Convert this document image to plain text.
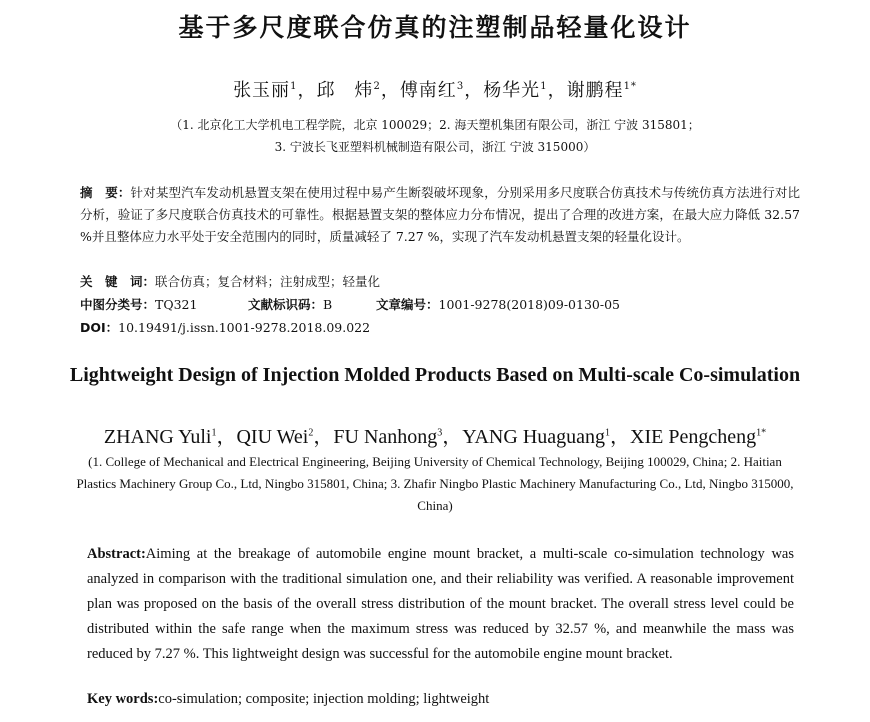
基于多尺度联合仿真的注塑制品轻量化设计
张玉丽$^1$，邱　炜$^2$，傅南红$^3$，杨华光$^1$，谢鹏程$^{1*}$
（1. 北京化工大学机电工程学院，北京 100029；2. 海天塑机集团有限公司，浙江 宁波 315801；
3. 宁波长飞亚塑料机械制造有限公司，浙江 宁波 315000）
摘　要：针对某型汽车发动机悬置支架在使用过程中易产生断裂破坏现象，分别采用多尺度联合仿真技术与传统仿真方法进行对比分析，验证了多尺度联合仿真技术的可靠性。根据悬置支架的整体应力分布情况，提出了合理的改进方案，在最大应力降低 32.57 %并且整体应力水平处于安全范围内的同时，质量减轻了 7.27 %，实现了汽车发动机悬置支架的轻量化设计。
关　键　词：联合仿真；复合材料；注射成型；轻量化
中图分类号：TQ321	文献标识码：B	文章编号：1001-9278(2018)09-0130-05
DOI：10.19491/j.issn.1001-9278.2018.09.022
Lightweight Design of Injection Molded Products Based on Multi-scale Co-simulation
ZHANG Yuli$^1$，QIU Wei$^2$，FU Nanhong$^3$，YANG Huaguang$^1$，XIE Pengcheng$^{1*}$
(1. College of Mechanical and Electrical Engineering, Beijing University of Chemical Technology, Beijing 100029, China; 2. Haitian Plastics Machinery Group Co., Ltd, Ningbo 315801, China; 3. Zhafir Ningbo Plastic Machinery Manufacturing Co., Ltd, Ningbo 315000, China)
Abstract:Aiming at the breakage of automobile engine mount bracket, a multi-scale co-simulation technology was analyzed in comparison with the traditional simulation one, and their reliability was verified. A reasonable improvement plan was proposed on the basis of the overall stress distribution of the mount bracket. The overall stress level could be distributed within the safe range when the maximum stress was reduced by 32.57 %, and meanwhile the mass was reduced by 7.27 %. This lightweight design was successful for the automobile engine mount bracket.
Key words:co-simulation; composite; injection molding; lightweight
